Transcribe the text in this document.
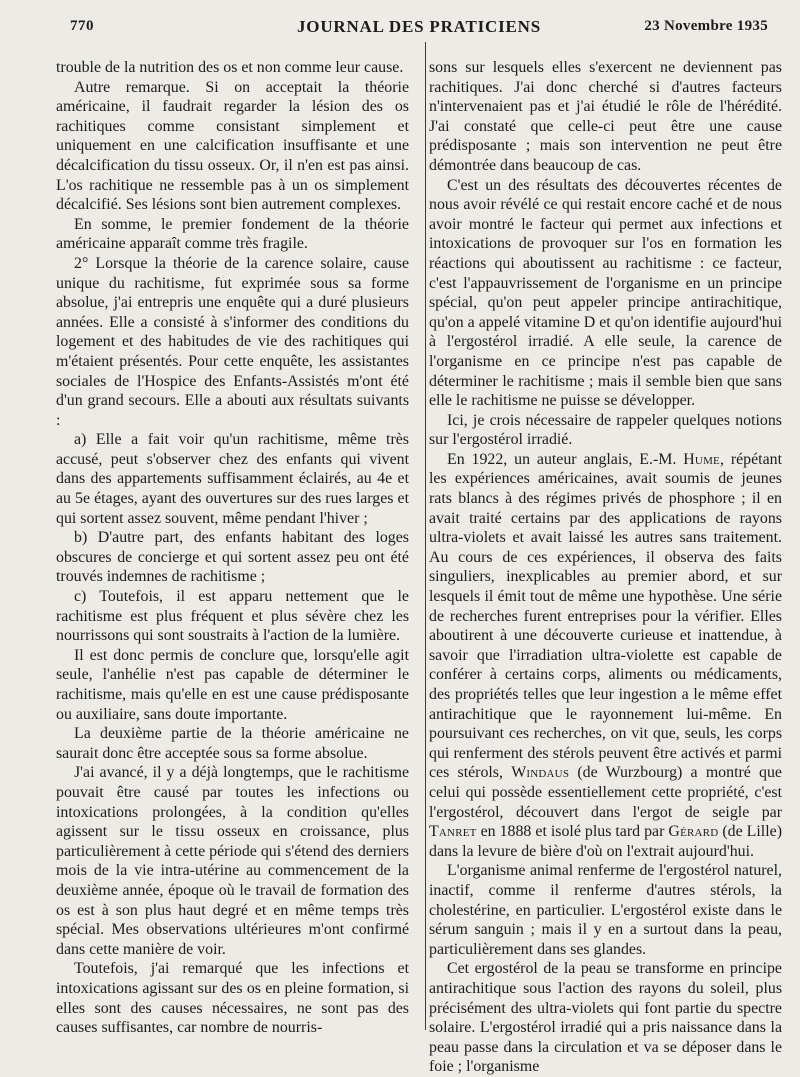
770	JOURNAL DES PRATICIENS	23 Novembre 1935

trouble de la nutrition des os et non comme leur cause.

Autre remarque. Si on acceptait la théorie américaine, il faudrait regarder la lésion des os rachitiques comme consistant simplement et uniquement en une calcification insuffisante et une décalcification du tissu osseux. Or, il n'en est pas ainsi. L'os rachitique ne ressemble pas à un os simplement décalcifié. Ses lésions sont bien autrement complexes.

En somme, le premier fondement de la théorie américaine apparaît comme très fragile.

2° Lorsque la théorie de la carence solaire, cause unique du rachitisme, fut exprimée sous sa forme absolue, j'ai entrepris une enquête qui a duré plusieurs années. Elle a consisté à s'informer des conditions du logement et des habitudes de vie des rachitiques qui m'étaient présentés. Pour cette enquête, les assistantes sociales de l'Hospice des Enfants-Assistés m'ont été d'un grand secours. Elle a abouti aux résultats suivants :

a) Elle a fait voir qu'un rachitisme, même très accusé, peut s'observer chez des enfants qui vivent dans des appartements suffisamment éclairés, au 4e et au 5e étages, ayant des ouvertures sur des rues larges et qui sortent assez souvent, même pendant l'hiver ;

b) D'autre part, des enfants habitant des loges obscures de concierge et qui sortent assez peu ont été trouvés indemnes de rachitisme ;

c) Toutefois, il est apparu nettement que le rachitisme est plus fréquent et plus sévère chez les nourrissons qui sont soustraits à l'action de la lumière.

Il est donc permis de conclure que, lorsqu'elle agit seule, l'anhélie n'est pas capable de déterminer le rachitisme, mais qu'elle en est une cause prédisposante ou auxiliaire, sans doute importante.

La deuxième partie de la théorie américaine ne saurait donc être acceptée sous sa forme absolue.

J'ai avancé, il y a déjà longtemps, que le rachitisme pouvait être causé par toutes les infections ou intoxications prolongées, à la condition qu'elles agissent sur le tissu osseux en croissance, plus particulièrement à cette période qui s'étend des derniers mois de la vie intra-utérine au commencement de la deuxième année, époque où le travail de formation des os est à son plus haut degré et en même temps très spécial. Mes observations ultérieures m'ont confirmé dans cette manière de voir.

Toutefois, j'ai remarqué que les infections et intoxications agissant sur des os en pleine formation, si elles sont des causes nécessaires, ne sont pas des causes suffisantes, car nombre de nourris-

sons sur lesquels elles s'exercent ne deviennent pas rachitiques. J'ai donc cherché si d'autres facteurs n'intervenaient pas et j'ai étudié le rôle de l'hérédité. J'ai constaté que celle-ci peut être une cause prédisposante ; mais son intervention ne peut être démontrée dans beaucoup de cas.

C'est un des résultats des découvertes récentes de nous avoir révélé ce qui restait encore caché et de nous avoir montré le facteur qui permet aux infections et intoxications de provoquer sur l'os en formation les réactions qui aboutissent au rachitisme : ce facteur, c'est l'appauvrissement de l'organisme en un principe spécial, qu'on peut appeler principe antirachitique, qu'on a appelé vitamine D et qu'on identifie aujourd'hui à l'ergostérol irradié. A elle seule, la carence de l'organisme en ce principe n'est pas capable de déterminer le rachitisme ; mais il semble bien que sans elle le rachitisme ne puisse se développer.

Ici, je crois nécessaire de rappeler quelques notions sur l'ergostérol irradié.

En 1922, un auteur anglais, E.-M. Hume, répétant les expériences américaines, avait soumis de jeunes rats blancs à des régimes privés de phosphore ; il en avait traité certains par des applications de rayons ultra-violets et avait laissé les autres sans traitement. Au cours de ces expériences, il observa des faits singuliers, inexplicables au premier abord, et sur lesquels il émit tout de même une hypothèse. Une série de recherches furent entreprises pour la vérifier. Elles aboutirent à une découverte curieuse et inattendue, à savoir que l'irradiation ultra-violette est capable de conférer à certains corps, aliments ou médicaments, des propriétés telles que leur ingestion a le même effet antirachitique que le rayonnement lui-même. En poursuivant ces recherches, on vit que, seuls, les corps qui renferment des stérols peuvent être activés et parmi ces stérols, Windaus (de Wurzbourg) a montré que celui qui possède essentiellement cette propriété, c'est l'ergostérol, découvert dans l'ergot de seigle par Tanret en 1888 et isolé plus tard par Gérard (de Lille) dans la levure de bière d'où on l'extrait aujourd'hui.

L'organisme animal renferme de l'ergostérol naturel, inactif, comme il renferme d'autres stérols, la cholestérine, en particulier. L'ergostérol existe dans le sérum sanguin ; mais il y en a surtout dans la peau, particulièrement dans ses glandes.

Cet ergostérol de la peau se transforme en principe antirachitique sous l'action des rayons du soleil, plus précisément des ultra-violets qui font partie du spectre solaire. L'ergostérol irradié qui a pris naissance dans la peau passe dans la circulation et va se déposer dans le foie ; l'organisme
